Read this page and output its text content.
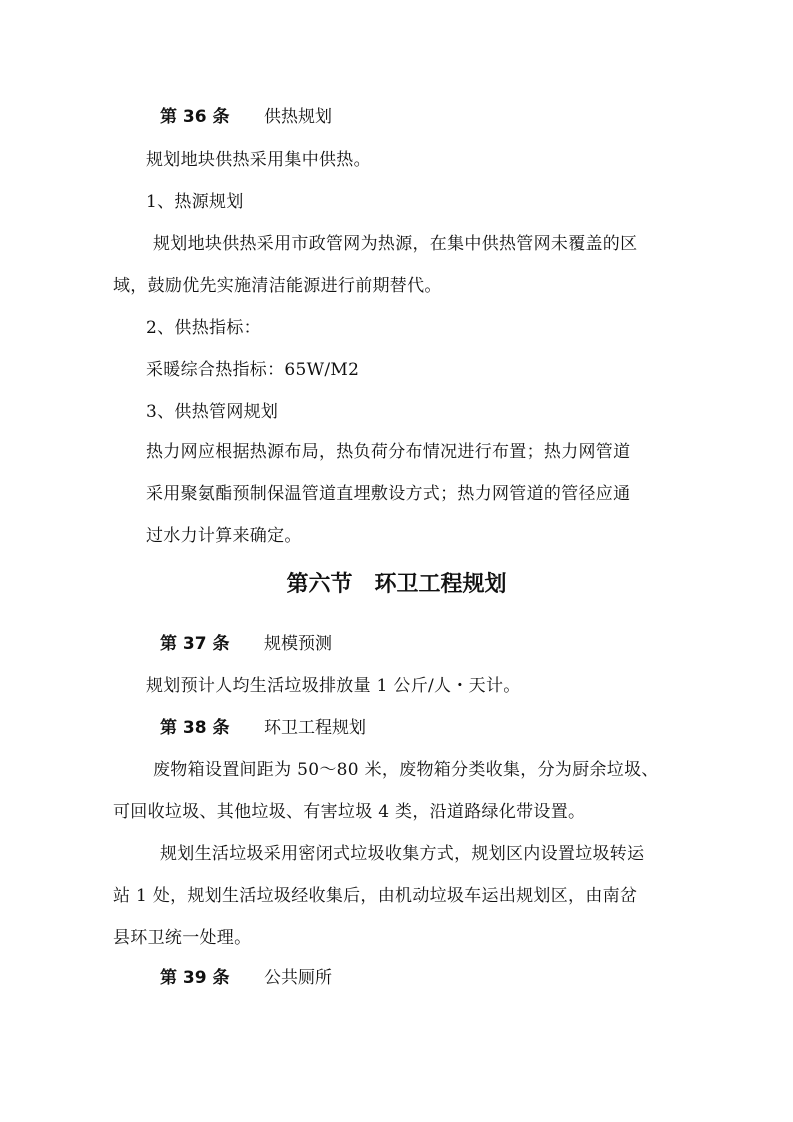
第 36 条 供热规划
规划地块供热采用集中供热。
1、热源规划
规划地块供热采用市政管网为热源，在集中供热管网未覆盖的区
域，鼓励优先实施清洁能源进行前期替代。
2、供热指标：
采暖综合热指标：65W/M2
3、供热管网规划
热力网应根据热源布局，热负荷分布情况进行布置；热力网管道
采用聚氨酯预制保温管道直埋敷设方式；热力网管道的管径应通
过水力计算来确定。
第六节　环卫工程规划
第 37 条 规模预测
规划预计人均生活垃圾排放量 1 公斤/人・天计。
第 38 条 环卫工程规划
废物箱设置间距为 50～80 米，废物箱分类收集，分为厨余垃圾、
可回收垃圾、其他垃圾、有害垃圾 4 类，沿道路绿化带设置。
规划生活垃圾采用密闭式垃圾收集方式，规划区内设置垃圾转运
站 1 处，规划生活垃圾经收集后，由机动垃圾车运出规划区，由南岔
县环卫统一处理。
第 39 条 公共厕所
